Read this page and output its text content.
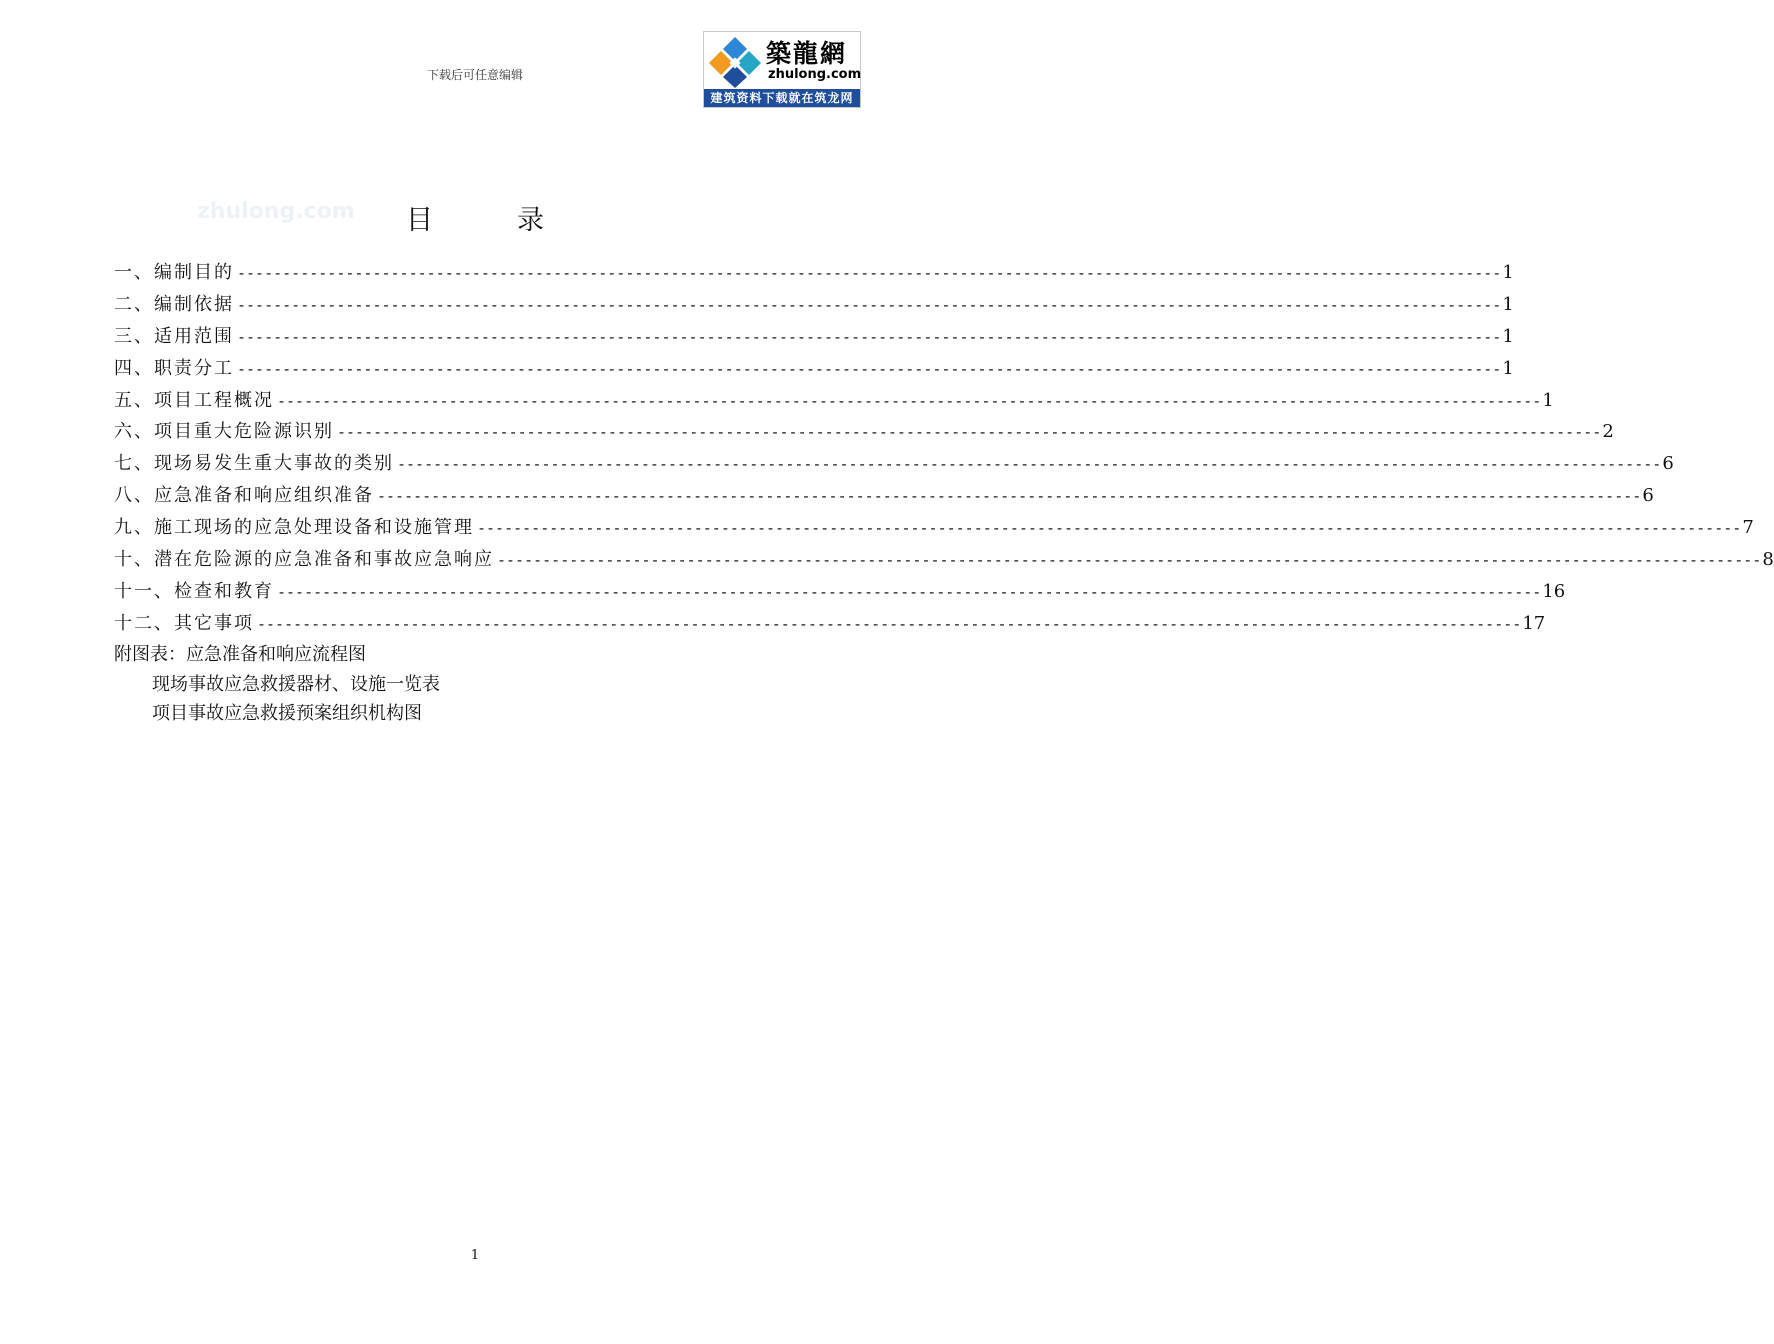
下载后可任意编辑
築龍網
zhulong.com
建筑资料下载就在筑龙网
zhulong.com	目录
一、编制目的 -------------------------------------------------------------------------------------------------------------------------------------------- 1
二、编制依据 -------------------------------------------------------------------------------------------------------------------------------------------- 1
三、适用范围 -------------------------------------------------------------------------------------------------------------------------------------------- 1
四、职责分工 -------------------------------------------------------------------------------------------------------------------------------------------- 1
五、项目工程概况 -------------------------------------------------------------------------------------------------------------------------------------------- 1
六、项目重大危险源识别 -------------------------------------------------------------------------------------------------------------------------------------------- 2
七、现场易发生重大事故的类别 -------------------------------------------------------------------------------------------------------------------------------------------- 6
八、应急准备和响应组织准备 -------------------------------------------------------------------------------------------------------------------------------------------- 6
九、施工现场的应急处理设备和设施管理 -------------------------------------------------------------------------------------------------------------------------------------------- 7
十、潜在危险源的应急准备和事故应急响应 -------------------------------------------------------------------------------------------------------------------------------------------- 8
十一、检查和教育 -------------------------------------------------------------------------------------------------------------------------------------------- 16
十二、其它事项 -------------------------------------------------------------------------------------------------------------------------------------------- 17
附图表：应急准备和响应流程图
现场事故应急救援器材、设施一览表
项目事故应急救援预案组织机构图
1
